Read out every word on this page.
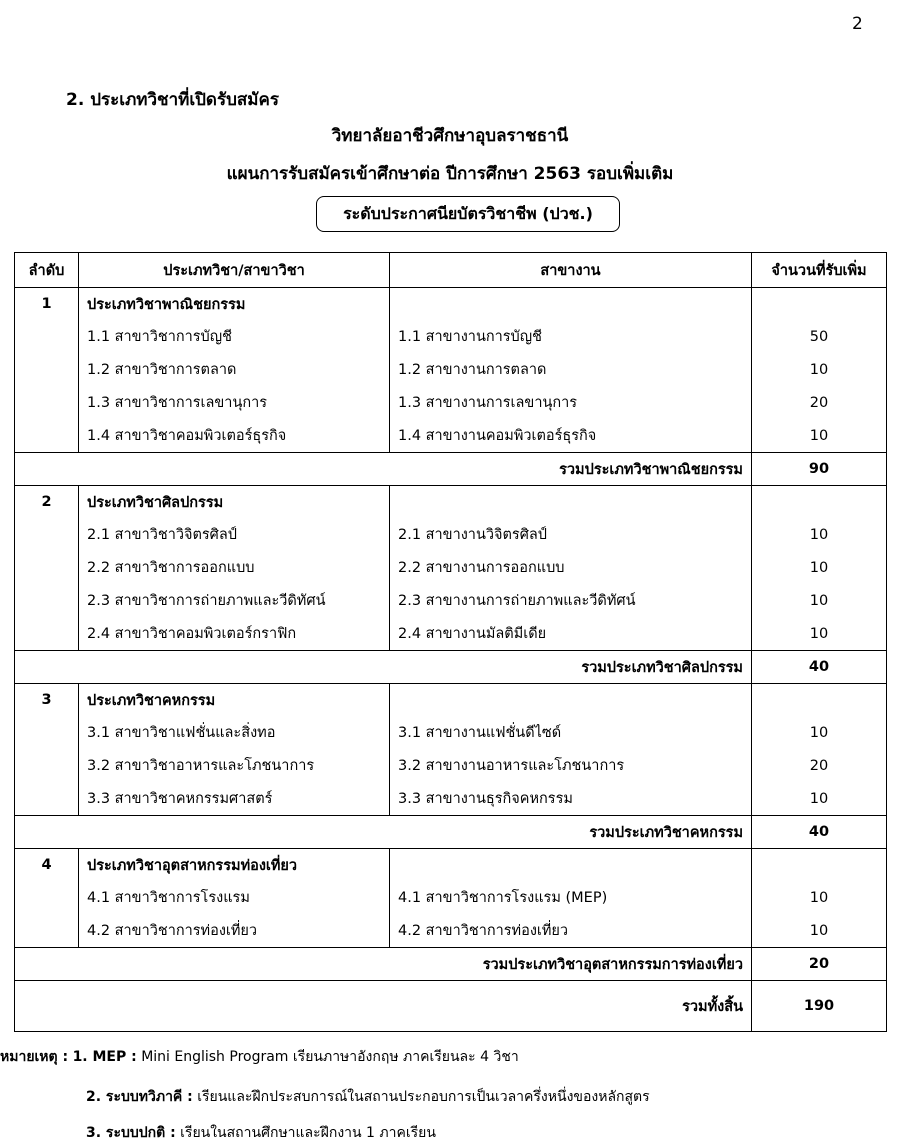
2
2. ประเภทวิชาที่เปิดรับสมัคร
วิทยาลัยอาชีวศึกษาอุบลราชธานี
แผนการรับสมัครเข้าศึกษาต่อ ปีการศึกษา 2563 รอบเพิ่มเติม
ระดับประกาศนียบัตรวิชาชีพ (ปวช.)
ลำดับ	ประเภทวิชา/สาขาวิชา	สาขางาน	จำนวนที่รับเพิ่ม
1	ประเภทวิชาพาณิชยกรรม		
	1.1 สาขาวิชาการบัญชี	1.1 สาขางานการบัญชี	50
	1.2 สาขาวิชาการตลาด	1.2 สาขางานการตลาด	10
	1.3 สาขาวิชาการเลขานุการ	1.3 สาขางานการเลขานุการ	20
	1.4 สาขาวิชาคอมพิวเตอร์ธุรกิจ	1.4 สาขางานคอมพิวเตอร์ธุรกิจ	10
รวมประเภทวิชาพาณิชยกรรม			90
2	ประเภทวิชาศิลปกรรม		
	2.1 สาขาวิชาวิจิตรศิลป์	2.1 สาขางานวิจิตรศิลป์	10
	2.2 สาขาวิชาการออกแบบ	2.2 สาขางานการออกแบบ	10
	2.3 สาขาวิชาการถ่ายภาพและวีดิทัศน์	2.3 สาขางานการถ่ายภาพและวีดิทัศน์	10
	2.4 สาขาวิชาคอมพิวเตอร์กราฟิก	2.4 สาขางานมัลติมีเดีย	10
รวมประเภทวิชาศิลปกรรม			40
3	ประเภทวิชาคหกรรม		
	3.1 สาขาวิชาแฟชั่นและสิ่งทอ	3.1 สาขางานแฟชั่นดีไซด์	10
	3.2 สาขาวิชาอาหารและโภชนาการ	3.2 สาขางานอาหารและโภชนาการ	20
	3.3 สาขาวิชาคหกรรมศาสตร์	3.3 สาขางานธุรกิจคหกรรม	10
รวมประเภทวิชาคหกรรม			40
4	ประเภทวิชาอุตสาหกรรมท่องเที่ยว		
	4.1 สาขาวิชาการโรงแรม	4.1 สาขาวิชาการโรงแรม (MEP)	10
	4.2 สาขาวิชาการท่องเที่ยว	4.2 สาขาวิชาการท่องเที่ยว	10
รวมประเภทวิชาอุตสาหกรรมการท่องเที่ยว			20
รวมทั้งสิ้น			190
หมายเหตุ : 1. MEP : Mini English Program เรียนภาษาอังกฤษ ภาคเรียนละ 4 วิชา
2. ระบบทวิภาคี : เรียนและฝึกประสบการณ์ในสถานประกอบการเป็นเวลาครึ่งหนึ่งของหลักสูตร
3. ระบบปกติ : เรียนในสถานศึกษาและฝึกงาน 1 ภาคเรียน
